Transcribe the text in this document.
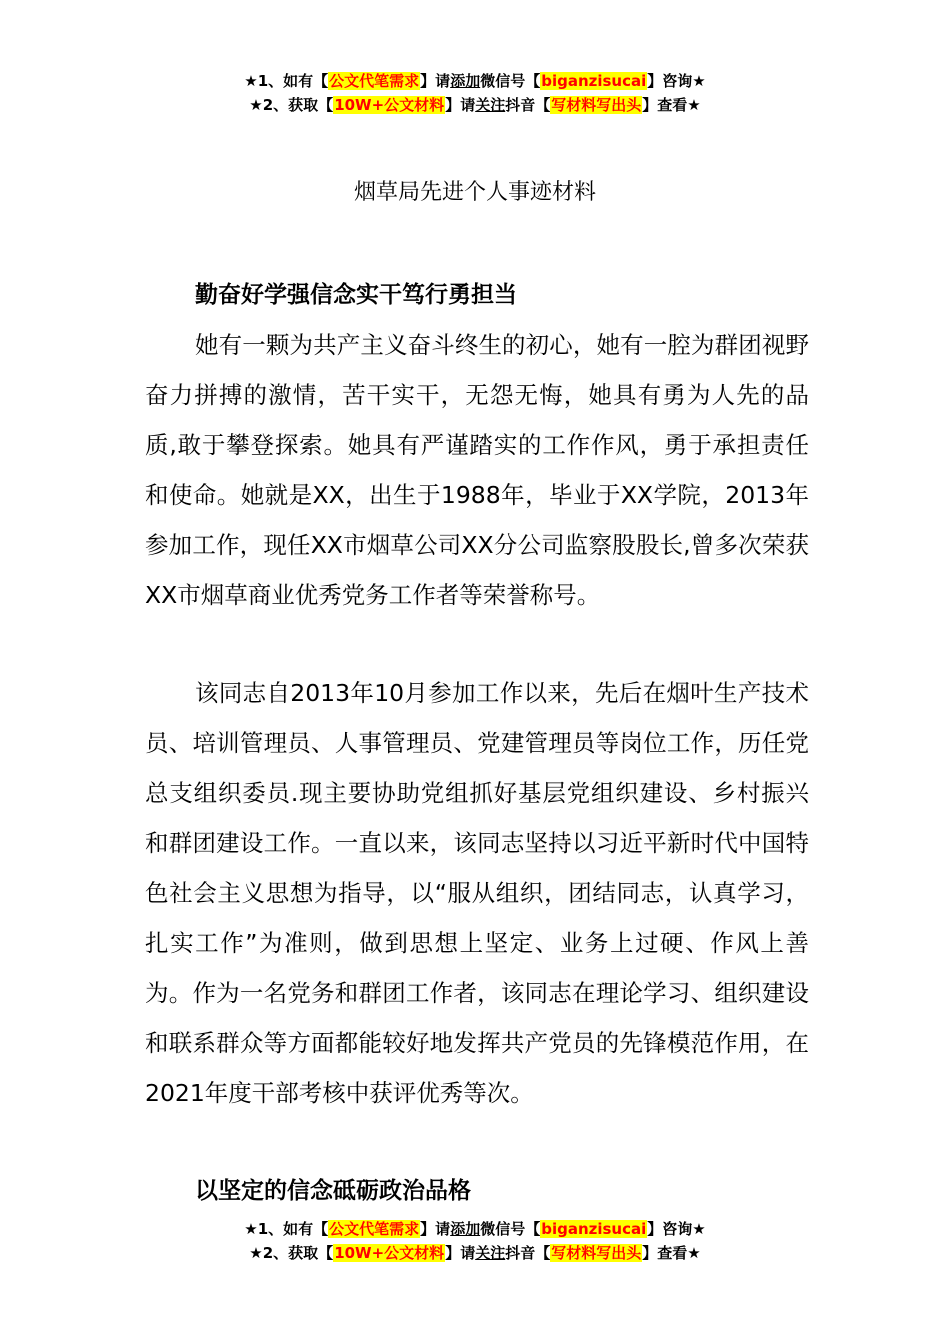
★1、如有【公文代笔需求】请添加微信号【biganzisucai】咨询★
★2、获取【10W+公文材料】请关注抖音【写材料写出头】查看★
烟草局先进个人事迹材料
勤奋好学强信念实干笃行勇担当
她有一颗为共产主义奋斗终生的初心，她有一腔为群团视野奋力拼搏的激情，苦干实干，无怨无悔，她具有勇为人先的品质,敢于攀登探索。她具有严谨踏实的工作作风，勇于承担责任和使命。她就是XX，出生于1988年，毕业于XX学院，2013年参加工作，现任XX市烟草公司XX分公司监察股股长,曾多次荣获XX市烟草商业优秀党务工作者等荣誉称号。
该同志自2013年10月参加工作以来，先后在烟叶生产技术员、培训管理员、人事管理员、党建管理员等岗位工作，历任党总支组织委员.现主要协助党组抓好基层党组织建设、乡村振兴和群团建设工作。一直以来，该同志坚持以习近平新时代中国特色社会主义思想为指导，以“服从组织，团结同志，认真学习，扎实工作”为准则，做到思想上坚定、业务上过硬、作风上善为。作为一名党务和群团工作者，该同志在理论学习、组织建设和联系群众等方面都能较好地发挥共产党员的先锋模范作用，在2021年度干部考核中获评优秀等次。
以坚定的信念砥砺政治品格
★1、如有【公文代笔需求】请添加微信号【biganzisucai】咨询★
★2、获取【10W+公文材料】请关注抖音【写材料写出头】查看★
